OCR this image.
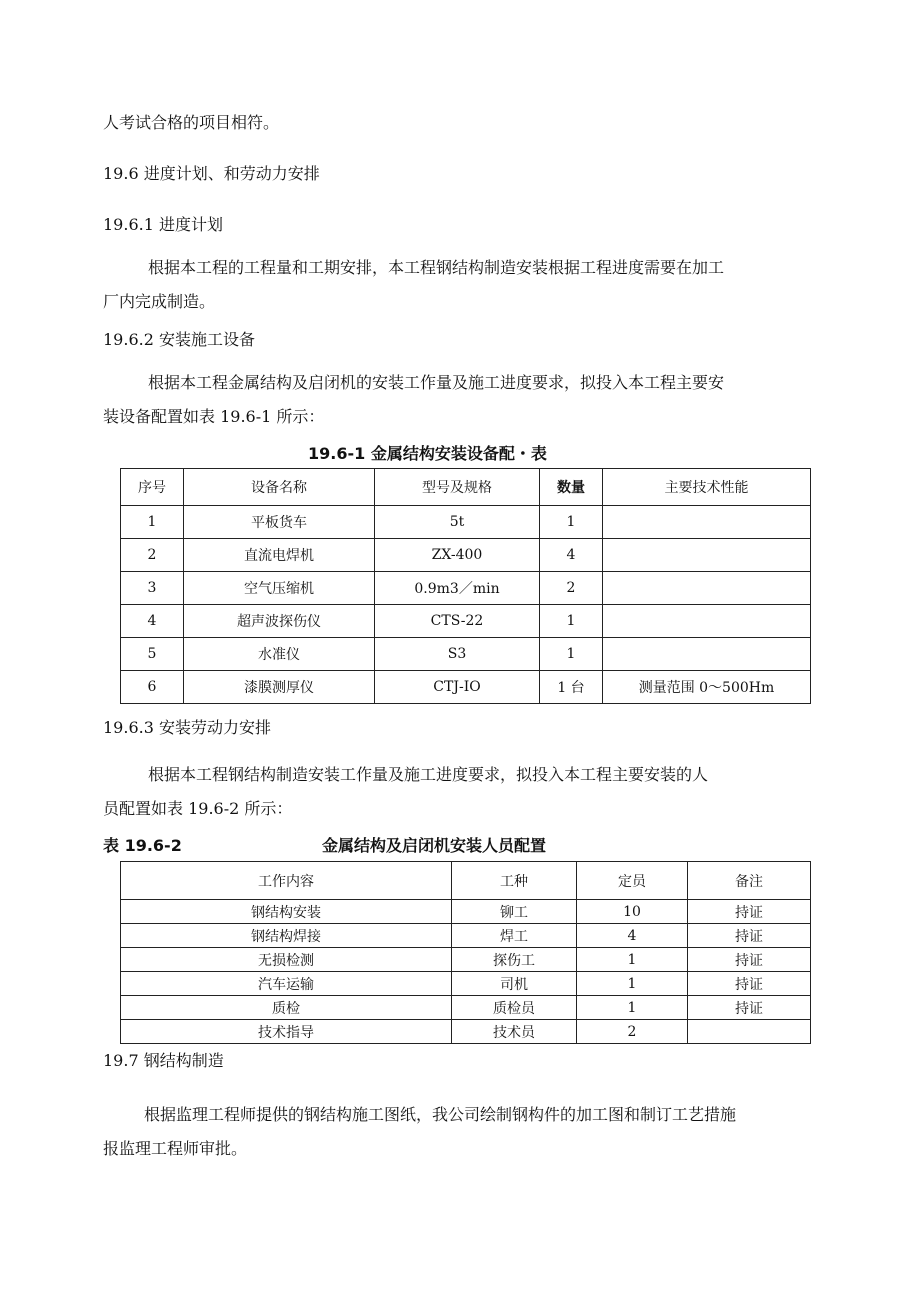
人考试合格的项目相符。
19.6 进度计划、和劳动力安排
19.6.1 进度计划
根据本工程的工程量和工期安排，本工程钢结构制造安装根据工程进度需要在加工
厂内完成制造。
19.6.2 安装施工设备
根据本工程金属结构及启闭机的安装工作量及施工进度要求，拟投入本工程主要安
装设备配置如表 19.6-1 所示：
19.6-1 金属结构安装设备配・表
序号	设备名称	型号及规格	数量	主要技术性能
1	平板货车	5t	1	
2	直流电焊机	ZX-400	4	
3	空气压缩机	0.9m3／min	2	
4	超声波探伤仪	CTS-22	1	
5	水准仪	S3	1	
6	漆膜测厚仪	CTJ-IO	1 台	测量范围 0～500Hm
19.6.3 安装劳动力安排
根据本工程钢结构制造安装工作量及施工进度要求，拟投入本工程主要安装的人
员配置如表 19.6-2 所示：
表 19.6-2	金属结构及启闭机安装人员配置
工作内容	工种	定员	备注
钢结构安装	铆工	10	持证
钢结构焊接	焊工	4	持证
无损检测	探伤工	1	持证
汽车运输	司机	1	持证
质检	质检员	1	持证
技术指导	技术员	2	
19.7 钢结构制造
根据监理工程师提供的钢结构施工图纸，我公司绘制钢构件的加工图和制订工艺措施
报监理工程师审批。
